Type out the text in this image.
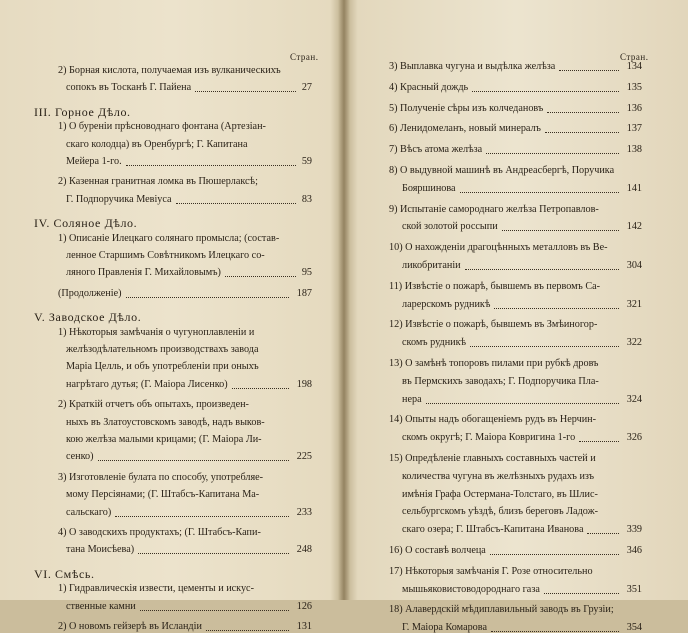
Стран.
2) Борная кислота, получаемая изъ вулканическихъ
сопокъ въ Тосканѣ Г. Пайена	27
III. Горное Дѣло.
1) О буреніи прѣсноводнаго фонтана (Артезіан-
скаго колодца) въ Оренбургѣ; Г. Капитана
Мейера 1-го.	59
2) Казенная гранитная ломка въ Пюшерлаксѣ;
Г. Подпоручика Мевіуса	83
IV. Соляное Дѣло.
1) Описаніе Илецкаго солянаго промысла; (состав-
ленное Старшимъ Совѣтникомъ Илецкаго со-
ляного Правленія Г. Михайловымъ)	95
(Продолженіе)	187
V. Заводское Дѣло.
1) Нѣкоторыя замѣчанія о чугуноплавленіи и
желѣзодѣлательномъ производствахъ завода
Маріа Целль, и объ употребленіи при оныхъ
нагрѣтаго дутья; (Г. Маіора Лисенко)	198
2) Краткій отчетъ объ опытахъ, произведен-
ныхъ въ Златоустовскомъ заводѣ, надъ выков-
кою желѣза малыми крицами; (Г. Маіора Ли-
сенко)	225
3) Изготовленіе булата по способу, употребляе-
мому Персіянами; (Г. Штабсъ-Капитана Ма-
сальскаго)	233
4) О заводскихъ продуктахъ; (Г. Штабсъ-Капи-
тана Моисѣева)	248
VI. Смѣсь.
1) Гидравлическія извести, цементы и искус-
ственные камни	126
2) О новомъ гейзерѣ въ Исландіи	131
Стран.
3) Выплавка чугуна и выдѣлка желѣза	134
4) Красный дождь	135
5) Полученіе сѣры изъ колчедановъ	136
6) Ленидомеланъ, новый минералъ	137
7) Вѣсъ атома желѣза	138
8) О выдувной машинѣ въ Андреасбергѣ, Поручика
Бояршинова	141
9) Испытаніе самороднаго желѣза Петропавлов-
ской золотой россыпи	142
10) О нахожденіи драгоцѣнныхъ металловъ въ Ве-
ликобританіи	304
11) Извѣстіе о пожарѣ, бывшемъ въ первомъ Са-
ларерскомъ рудникѣ	321
12) Извѣстіе о пожарѣ, бывшемъ въ Змѣиногор-
скомъ рудникѣ	322
13) О замѣнѣ топоровъ пилами при рубкѣ дровъ
въ Пермскихъ заводахъ; Г. Подпоручика Пла-
нера	324
14) Опыты надъ обогащеніемъ рудъ въ Нерчин-
скомъ округѣ; Г. Маіора Ковригина 1-го	326
15) Опредѣленіе главныхъ составныхъ частей и
количества чугуна въ желѣзныхъ рудахъ изъ
имѣнія Графа Остермана-Толстаго, въ Шлис-
сельбургскомъ уѣздѣ, близъ береговъ Ладож-
скаго озера; Г. Штабсъ-Капитана Иванова	339
16) О составѣ волчеца	346
17) Нѣкоторыя замѣчанія Г. Розе относительно
мышьяковистоводороднаго газа	351
18) Алавердскій мѣдиплавильный заводъ въ Грузіи;
Г. Маіора Комарова	354
